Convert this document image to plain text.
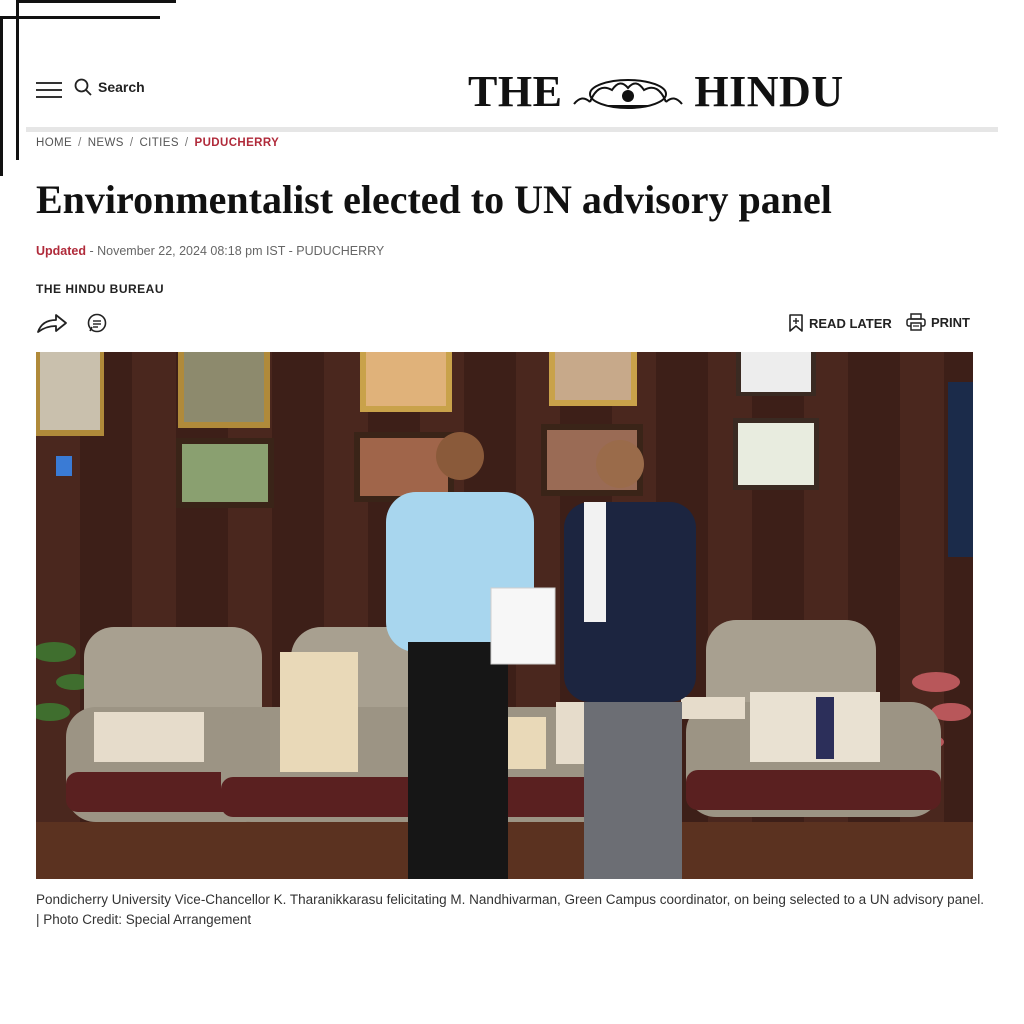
Search	THE	HINDU
HOME / NEWS / CITIES / PUDUCHERRY
Environmentalist elected to UN advisory panel
Updated - November 22, 2024 08:18 pm IST - PUDUCHERRY
THE HINDU BUREAU
READ LATER	PRINT
Pondicherry University Vice-Chancellor K. Tharanikkarasu felicitating M. Nandhivarman, Green Campus coordinator, on being selected to a UN advisory panel. | Photo Credit: Special Arrangement
